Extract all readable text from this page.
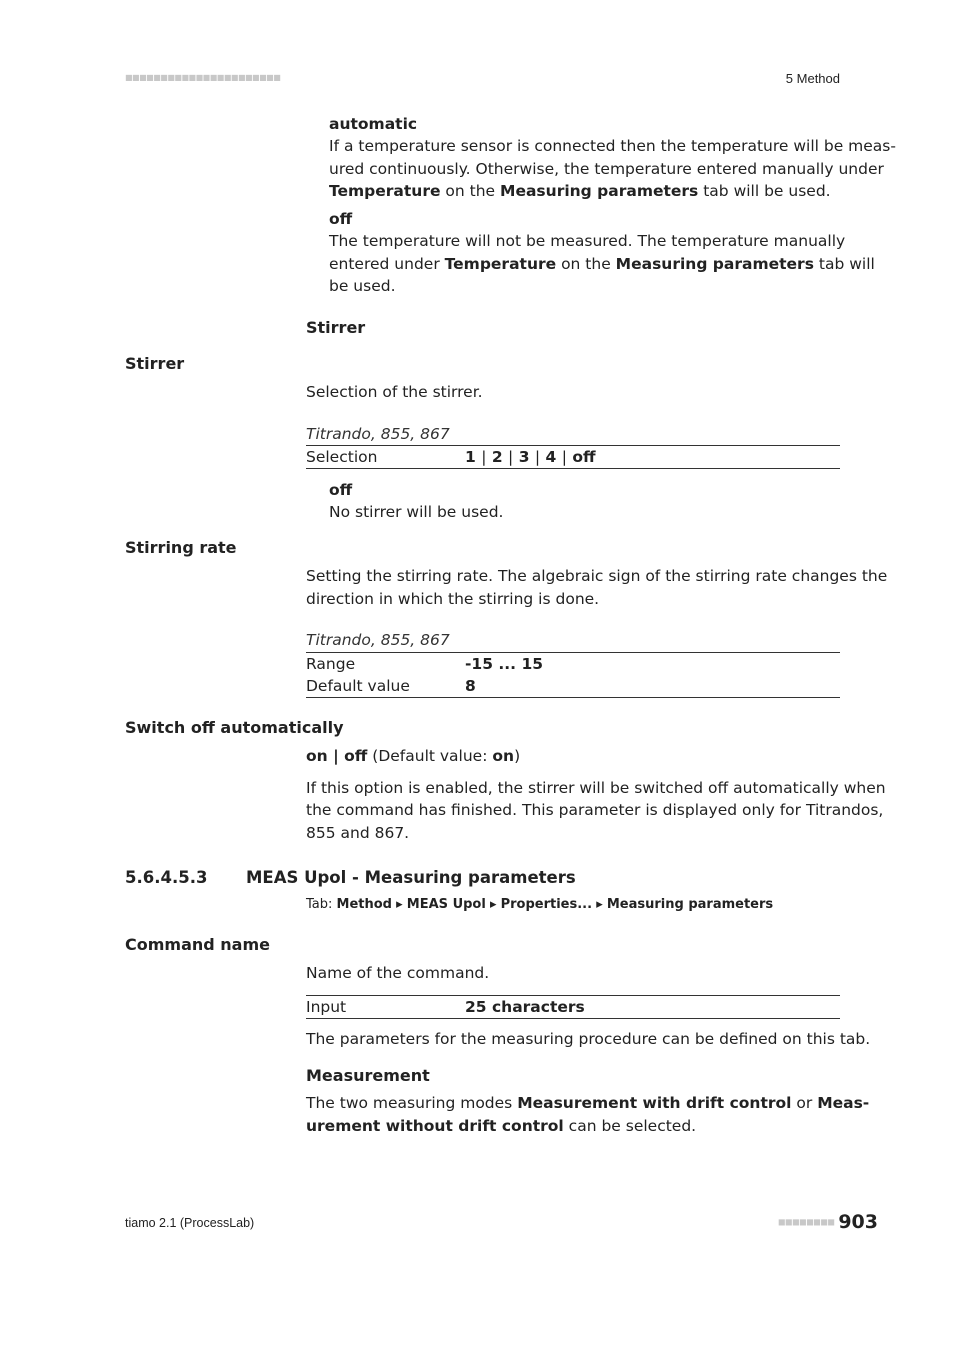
■■■■■■■■■■■■■■■■■■■■■■	5 Method
automatic
If a temperature sensor is connected then the temperature will be meas-
ured continuously. Otherwise, the temperature entered manually under
Temperature on the Measuring parameters tab will be used.
off
The temperature will not be measured. The temperature manually
entered under Temperature on the Measuring parameters tab will
be used.
Stirrer
Stirrer
Selection of the stirrer.
Titrando, 855, 867
Selection	1 | 2 | 3 | 4 | off
off
No stirrer will be used.
Stirring rate
Setting the stirring rate. The algebraic sign of the stirring rate changes the
direction in which the stirring is done.
Titrando, 855, 867
Range	-15 ... 15
Default value	8
Switch off automatically
on | off (Default value: on)
If this option is enabled, the stirrer will be switched off automatically when
the command has finished. This parameter is displayed only for Titrandos,
855 and 867.
5.6.4.5.3 MEAS Upol - Measuring parameters
Tab: Method ▸ MEAS Upol ▸ Properties... ▸ Measuring parameters
Command name
Name of the command.
Input	25 characters
The parameters for the measuring procedure can be defined on this tab.
Measurement
The two measuring modes Measurement with drift control or Meas-
urement without drift control can be selected.
tiamo 2.1 (ProcessLab)	■■■■■■■■ 903
